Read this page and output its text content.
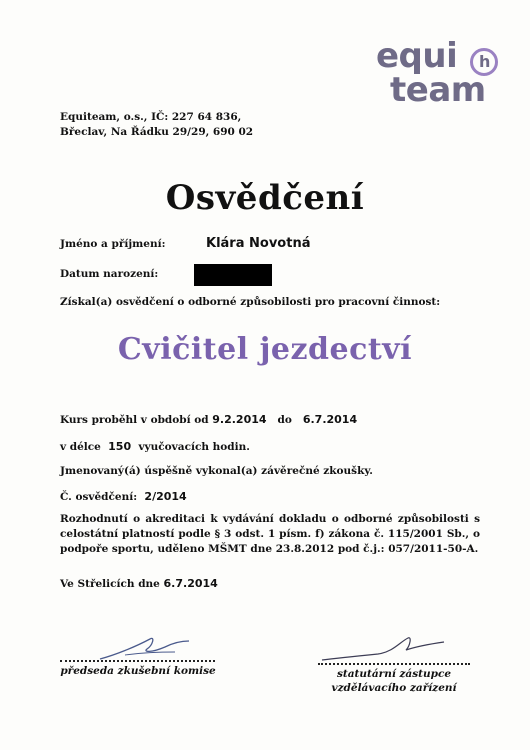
equi h
team
Equiteam, o.s., IČ: 227 64 836,
Břeclav, Na Řádku 29/29, 690 02
Osvědčení
Jméno a příjmení:	Klára Novotná
Datum narození:
Získal(a) osvědčení o odborné způsobilosti pro pracovní činnost:
Cvičitel jezdectví
Kurs proběhl v období od 9.2.2014 do 6.7.2014
v délce 150 vyučovacích hodin.
Jmenovaný(á) úspěšně vykonal(a) závěrečné zkoušky.
Č. osvědčení: 2/2014
Rozhodnutí o akreditaci k vydávání dokladu o odborné způsobilosti s celostátní platností podle § 3 odst. 1 písm. f) zákona č. 115/2001 Sb., o podpoře sportu, uděleno MŠMT dne 23.8.2012 pod č.j.: 057/2011-50-A.
Ve Střelicích dne 6.7.2014
předseda zkušební komise	statutární zástupce
vzdělávacího zařízení
